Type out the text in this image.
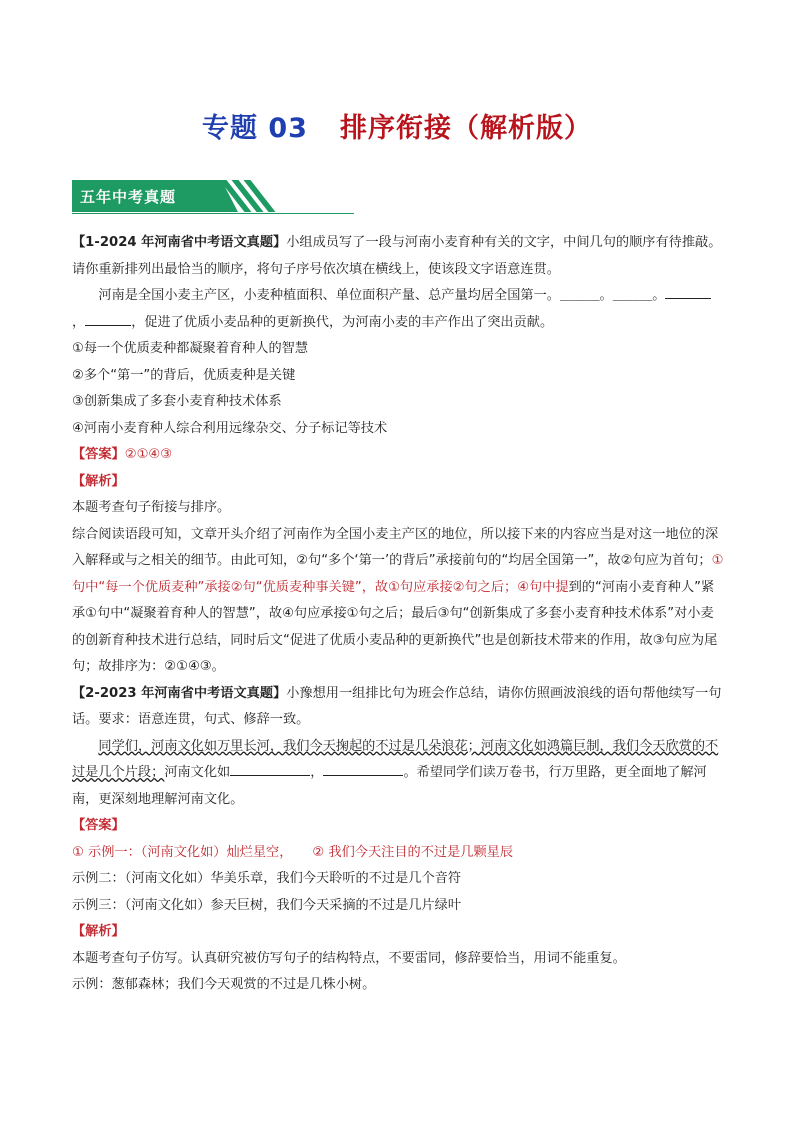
专题 03 排序衔接（解析版）
五年中考真题

【1-2024 年河南省中考语文真题】小组成员写了一段与河南小麦育种有关的文字，中间几句的顺序有待推敲。请你重新排列出最恰当的顺序，将句子序号依次填在横线上，使该段文字语意连贯。

河南是全国小麦主产区，小麦种植面积、单位面积产量、总产量均居全国第一。＿＿＿。＿＿＿。，	，促进了优质小麦品种的更新换代，为河南小麦的丰产作出了突出贡献。

①每一个优质麦种都凝聚着育种人的智慧

②多个“第一”的背后，优质麦种是关键

③创新集成了多套小麦育种技术体系

④河南小麦育种人综合利用远缘杂交、分子标记等技术

【答案】②①④③

【解析】

本题考查句子衔接与排序。

综合阅读语段可知，文章开头介绍了河南作为全国小麦主产区的地位，所以接下来的内容应当是对这一地位的深入解释或与之相关的细节。由此可知，②句“多个‘第一’的背后”承接前句的“均居全国第一”，故②句应为首句；①句中“每一个优质麦种”承接②句“优质麦种事关键”，故①句应承接②句之后；④句中提到的“河南小麦育种人”紧承①句中“凝聚着育种人的智慧”，故④句应承接①句之后；最后③句“创新集成了多套小麦育种技术体系”对小麦的创新育种技术进行总结，同时后文“促进了优质小麦品种的更新换代”也是创新技术带来的作用，故③句应为尾句；故排序为：②①④③。

【2-2023 年河南省中考语文真题】小豫想用一组排比句为班会作总结，请你仿照画波浪线的语句帮他续写一句话。要求：语意连贯，句式、修辞一致。

同学们，河南文化如万里长河，我们今天掬起的不过是几朵浪花；河南文化如鸿篇巨制，我们今天欣赏的不过是几个片段；河南文化如	，	。希望同学们读万卷书，行万里路，更全面地了解河南，更深刻地理解河南文化。

【答案】

① 示例一：（河南文化如）灿烂星空， ② 我们今天注目的不过是几颗星辰

示例二：（河南文化如）华美乐章，我们今天聆听的不过是几个音符

示例三：（河南文化如）参天巨树，我们今天采摘的不过是几片绿叶

【解析】

本题考查句子仿写。认真研究被仿写句子的结构特点，不要雷同，修辞要恰当，用词不能重复。

示例：葱郁森林；我们今天观赏的不过是几株小树。
